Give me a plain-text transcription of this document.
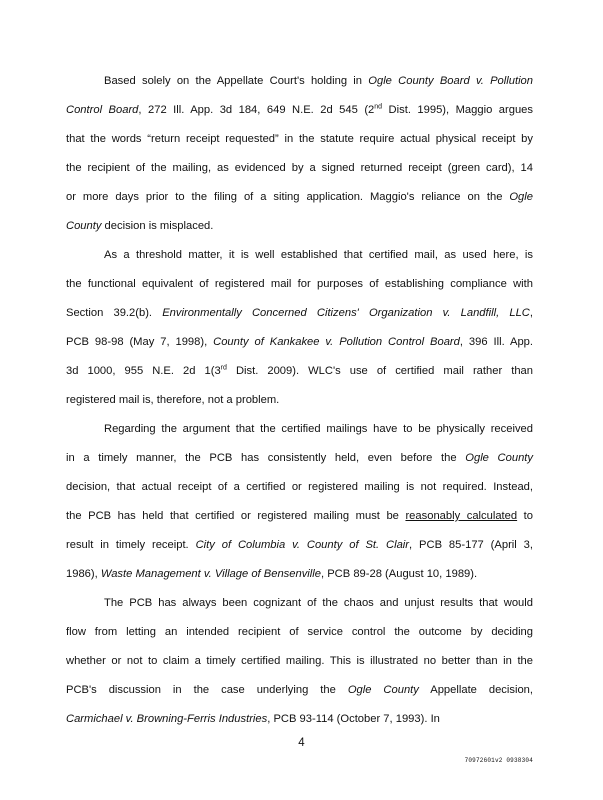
Based solely on the Appellate Court's holding in Ogle County Board v. Pollution
Control Board, 272 Ill. App. 3d 184, 649 N.E. 2d 545 (2nd Dist. 1995), Maggio argues
that the words “return receipt requested” in the statute require actual physical receipt by
the recipient of the mailing, as evidenced by a signed returned receipt (green card), 14
or more days prior to the filing of a siting application. Maggio's reliance on the Ogle
County decision is misplaced.

As a threshold matter, it is well established that certified mail, as used here, is
the functional equivalent of registered mail for purposes of establishing compliance with
Section 39.2(b). Environmentally Concerned Citizens' Organization v. Landfill, LLC,
PCB 98-98 (May 7, 1998), County of Kankakee v. Pollution Control Board, 396 Ill. App.
3d 1000, 955 N.E. 2d 1(3rd Dist. 2009). WLC's use of certified mail rather than
registered mail is, therefore, not a problem.

Regarding the argument that the certified mailings have to be physically received
in a timely manner, the PCB has consistently held, even before the Ogle County
decision, that actual receipt of a certified or registered mailing is not required. Instead,
the PCB has held that certified or registered mailing must be reasonably calculated to
result in timely receipt. City of Columbia v. County of St. Clair, PCB 85-177 (April 3,
1986), Waste Management v. Village of Bensenville, PCB 89-28 (August 10, 1989).

The PCB has always been cognizant of the chaos and unjust results that would
flow from letting an intended recipient of service control the outcome by deciding
whether or not to claim a timely certified mailing. This is illustrated no better than in the
PCB's discussion in the case underlying the Ogle County Appellate decision,
Carmichael v. Browning-Ferris Industries, PCB 93-114 (October 7, 1993). In

4
70972601v2 0938304
